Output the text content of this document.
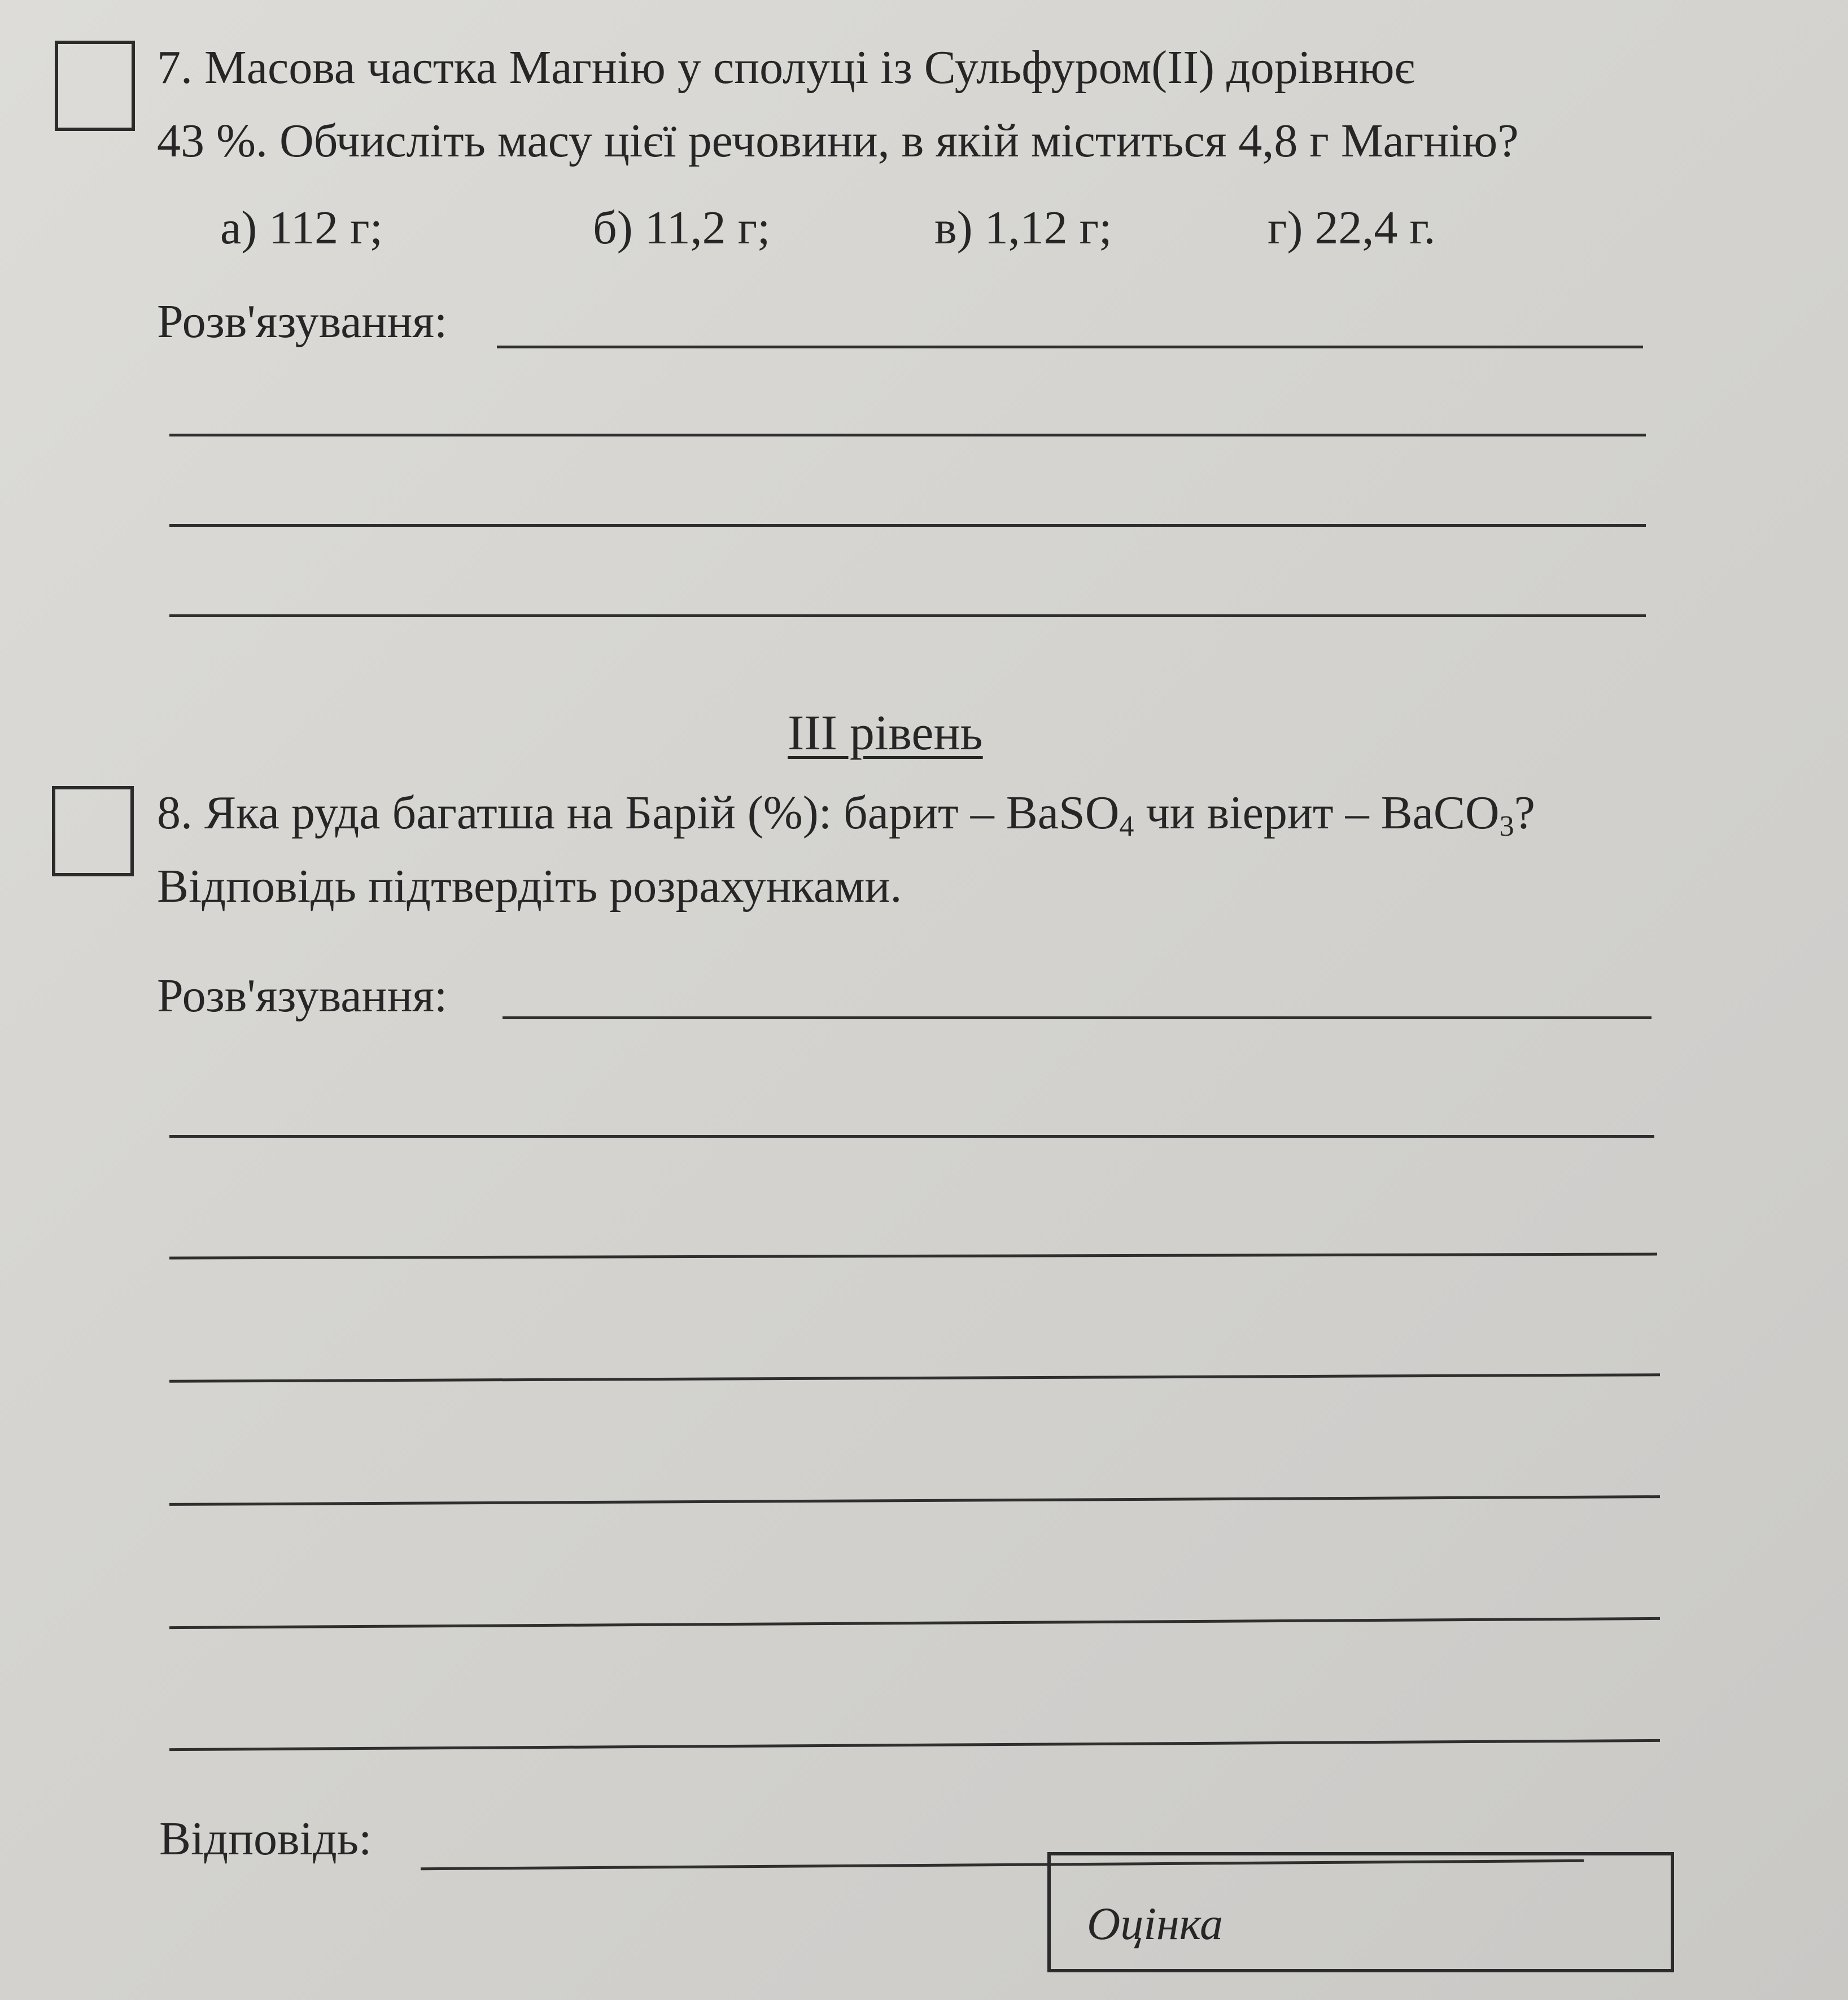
7. Масова частка Магнію у сполуці із Сульфуром(ІІ) дорівнює
43 %. Обчисліть масу цієї речовини, в якій міститься 4,8 г Магнію?
а) 112 г;	б) 11,2 г;	в) 1,12 г;	г) 22,4 г.
Розв'язування:
ІІІ рівень
8. Яка руда багатша на Барій (%): барит – BaSO$_4$ чи віерит – BaCO$_3$?
Відповідь підтвердіть розрахунками.
Розв'язування:
Відповідь:
Оцінка
